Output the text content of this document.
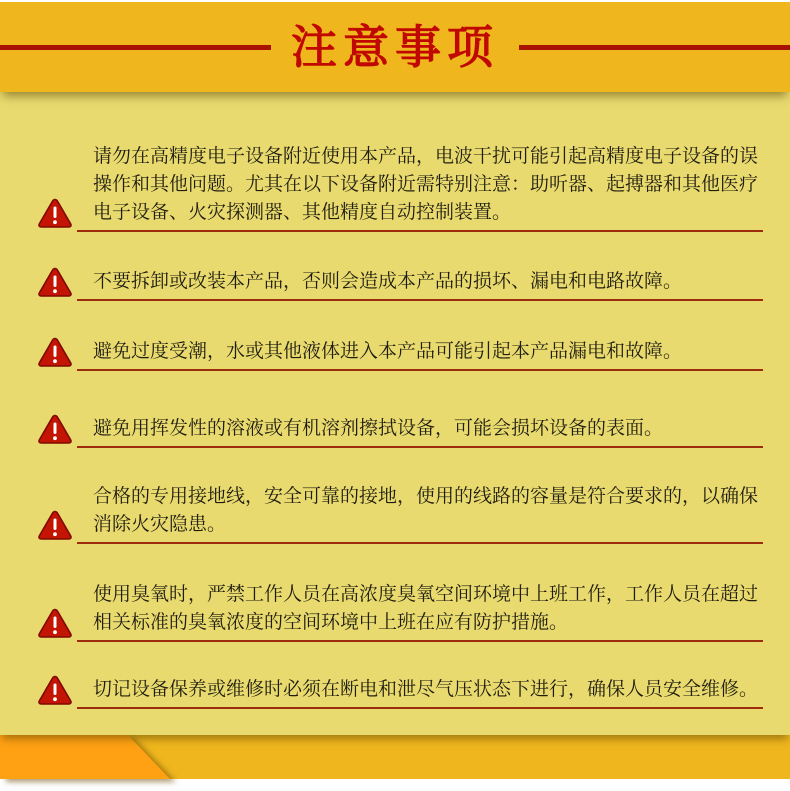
注意事项
请勿在高精度电子设备附近使用本产品，电波干扰可能引起高精度电子设备的误操作和其他问题。尤其在以下设备附近需特别注意：助听器、起搏器和其他医疗电子设备、火灾探测器、其他精度自动控制装置。
不要拆卸或改装本产品，否则会造成本产品的损坏、漏电和电路故障。
避免过度受潮，水或其他液体进入本产品可能引起本产品漏电和故障。
避免用挥发性的溶液或有机溶剂擦拭设备，可能会损坏设备的表面。
合格的专用接地线，安全可靠的接地，使用的线路的容量是符合要求的，以确保消除火灾隐患。
使用臭氧时，严禁工作人员在高浓度臭氧空间环境中上班工作，工作人员在超过相关标准的臭氧浓度的空间环境中上班在应有防护措施。
切记设备保养或维修时必须在断电和泄尽气压状态下进行，确保人员安全维修。
